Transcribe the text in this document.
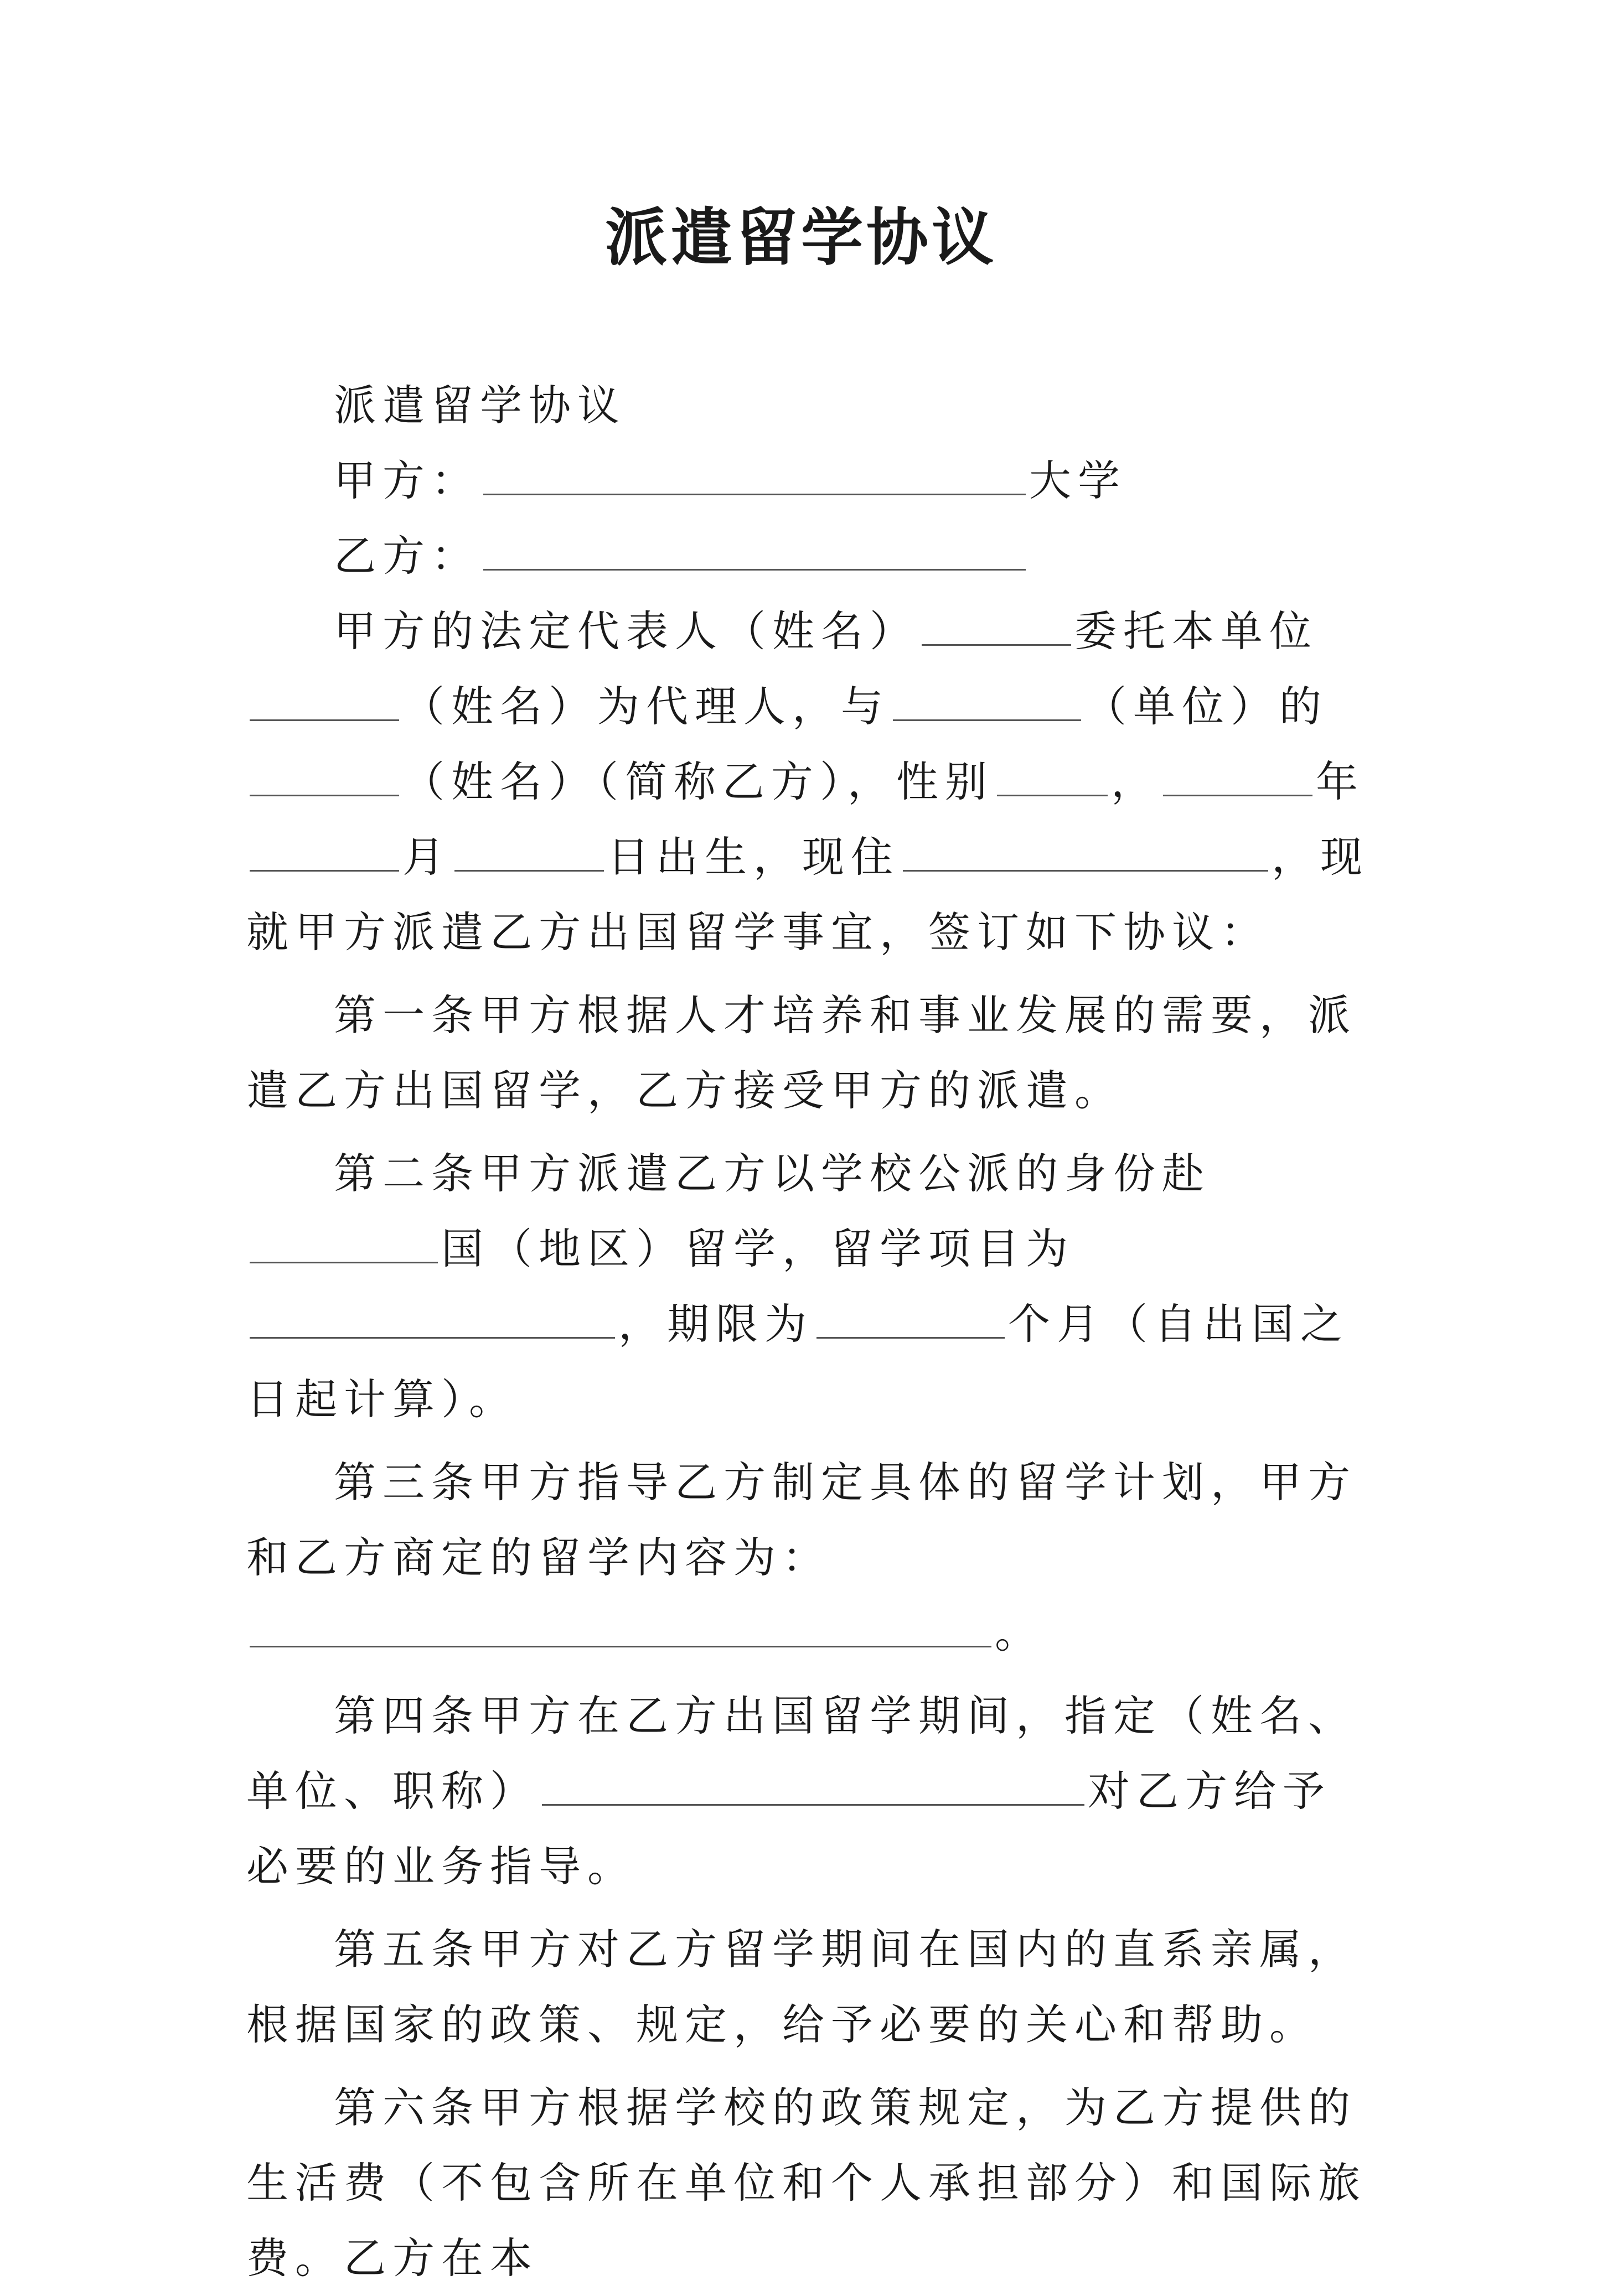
派遣留学协议

派遣留学协议

甲方：	大学

乙方：

甲方的法定代表人（姓名）	委托本单位（姓名）为代理人，与	（单位）的（姓名）（简称乙方），性别	，	年月	日出生，现住	，现就甲方派遣乙方出国留学事宜，签订如下协议：

第一条甲方根据人才培养和事业发展的需要，派遣乙方出国留学，乙方接受甲方的派遣。

第二条甲方派遣乙方以学校公派的身份赴国（地区）留学，留学项目为，期限为	个月（自出国之日起计算）。

第三条甲方指导乙方制定具体的留学计划，甲方和乙方商定的留学内容为：。

第四条甲方在乙方出国留学期间，指定（姓名、单位、职称）	对乙方给予必要的业务指导。

第五条甲方对乙方留学期间在国内的直系亲属，根据国家的政策、规定，给予必要的关心和帮助。

第六条甲方根据学校的政策规定，为乙方提供的生活费（不包含所在单位和个人承担部分）和国际旅费。乙方在本
